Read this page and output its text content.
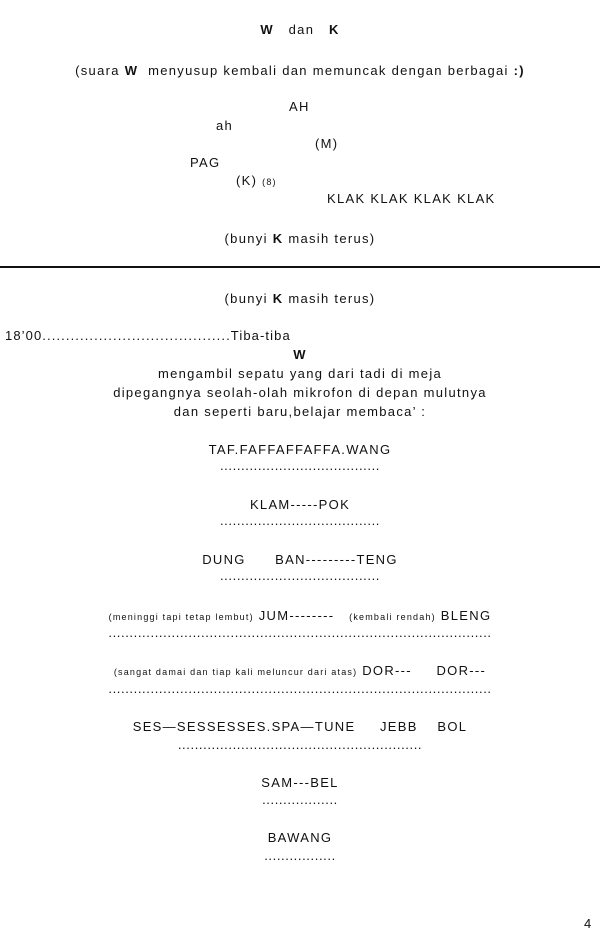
W dan K
(suara W menyusup kembali dan memuncak dengan berbagai :)
AH
ah
(M)
PAG
(K) (8)
KLAK KLAK KLAK KLAK
(bunyi K masih terus)
(bunyi K masih terus)
18’00........................................Tiba-tiba
W
mengambil sepatu yang dari tadi di meja
dipegangnya seolah-olah mikrofon di depan mulutnya
dan seperti baru,belajar membaca’ :
TAF.FAFFAFFAFFA.WANG
......................................
KLAM-----POK
......................................
DUNG BAN---------TENG
......................................
(meninggi tapi tetap lembut) JUM-------- (kembali rendah) BLENG
...........................................................................................
(sangat damai dan tiap kali meluncur dari atas) DOR--- DOR---
...........................................................................................
SES—SESSESSES.SPA—TUNE JEBB BOL
..........................................................
SAM---BEL
..................
BAWANG
.................
4
